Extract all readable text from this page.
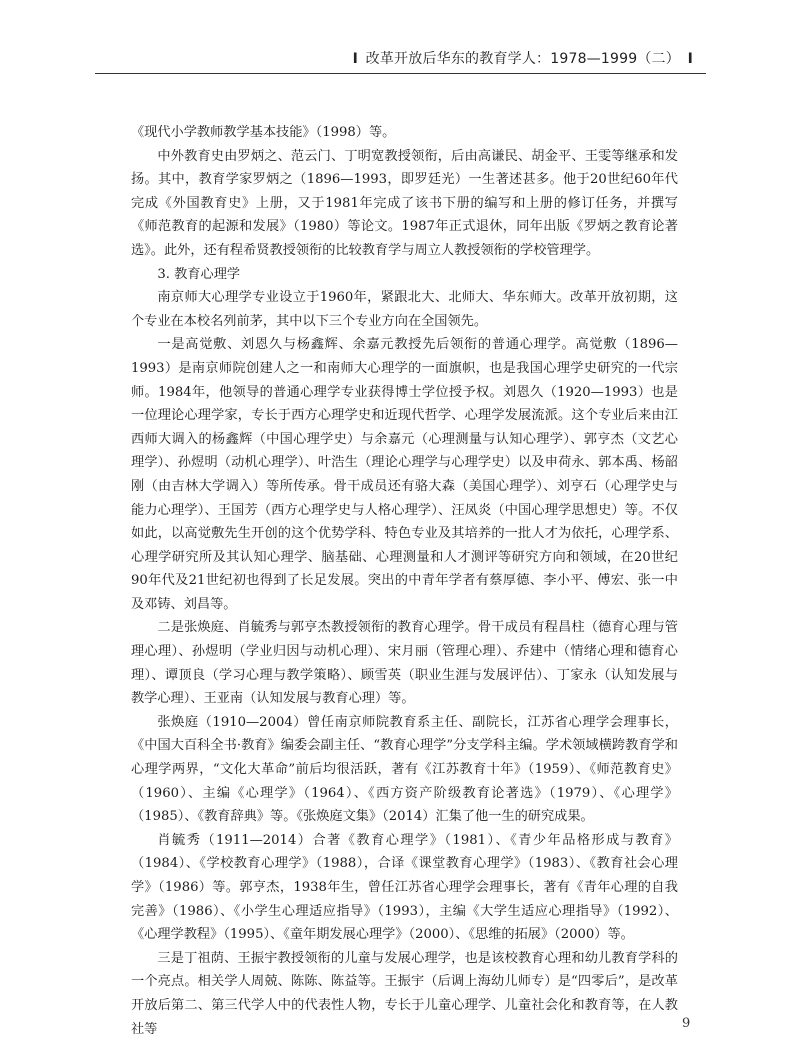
I 改革开放后华东的教育学人：1978—1999（二） I

《现代小学教师教学基本技能》（1998）等。

中外教育史由罗炳之、范云门、丁明宽教授领衔，后由高谦民、胡金平、王雯等继承和发扬。其中，教育学家罗炳之（1896—1993，即罗廷光）一生著述甚多。他于20世纪60年代完成《外国教育史》上册，又于1981年完成了该书下册的编写和上册的修订任务，并撰写《师范教育的起源和发展》（1980）等论文。1987年正式退休，同年出版《罗炳之教育论著选》。此外，还有程希贤教授领衔的比较教育学与周立人教授领衔的学校管理学。

3. 教育心理学

南京师大心理学专业设立于1960年，紧跟北大、北师大、华东师大。改革开放初期，这个专业在本校名列前茅，其中以下三个专业方向在全国领先。

一是高觉敷、刘恩久与杨鑫辉、余嘉元教授先后领衔的普通心理学。高觉敷（1896—1993）是南京师院创建人之一和南师大心理学的一面旗帜，也是我国心理学史研究的一代宗师。1984年，他领导的普通心理学专业获得博士学位授予权。刘恩久（1920—1993）也是一位理论心理学家，专长于西方心理学史和近现代哲学、心理学发展流派。这个专业后来由江西师大调入的杨鑫辉（中国心理学史）与余嘉元（心理测量与认知心理学）、郭亨杰（文艺心理学）、孙煜明（动机心理学）、叶浩生（理论心理学与心理学史）以及申荷永、郭本禹、杨韶刚（由吉林大学调入）等所传承。骨干成员还有骆大森（美国心理学）、刘亨石（心理学史与能力心理学）、王国芳（西方心理学史与人格心理学）、汪凤炎（中国心理学思想史）等。不仅如此，以高觉敷先生开创的这个优势学科、特色专业及其培养的一批人才为依托，心理学系、心理学研究所及其认知心理学、脑基础、心理测量和人才测评等研究方向和领域，在20世纪90年代及21世纪初也得到了长足发展。突出的中青年学者有蔡厚德、李小平、傅宏、张一中及邓铸、刘昌等。

二是张焕庭、肖毓秀与郭亨杰教授领衔的教育心理学。骨干成员有程昌柱（德育心理与管理心理）、孙煜明（学业归因与动机心理）、宋月丽（管理心理）、乔建中（情绪心理和德育心理）、谭顶良（学习心理与教学策略）、顾雪英（职业生涯与发展评估）、丁家永（认知发展与教学心理）、王亚南（认知发展与教育心理）等。

张焕庭（1910—2004）曾任南京师院教育系主任、副院长，江苏省心理学会理事长，《中国大百科全书·教育》编委会副主任、“教育心理学”分支学科主编。学术领域横跨教育学和心理学两界，“文化大革命”前后均很活跃，著有《江苏教育十年》（1959）、《师范教育史》（1960）、主编《心理学》（1964）、《西方资产阶级教育论著选》（1979）、《心理学》（1985）、《教育辞典》等。《张焕庭文集》（2014）汇集了他一生的研究成果。

肖毓秀（1911—2014）合著《教育心理学》（1981）、《青少年品格形成与教育》（1984）、《学校教育心理学》（1988），合译《课堂教育心理学》（1983）、《教育社会心理学》（1986）等。郭亨杰，1938年生，曾任江苏省心理学会理事长，著有《青年心理的自我完善》（1986）、《小学生心理适应指导》（1993），主编《大学生适应心理指导》（1992）、《心理学教程》（1995）、《童年期发展心理学》（2000）、《思维的拓展》（2000）等。

三是丁祖荫、王振宇教授领衔的儿童与发展心理学，也是该校教育心理和幼儿教育学科的一个亮点。相关学人周兢、陈陈、陈益等。王振宇（后调上海幼儿师专）是“四零后”，是改革开放后第二、第三代学人中的代表性人物，专长于儿童心理学、儿童社会化和教育等，在人教社等	9
